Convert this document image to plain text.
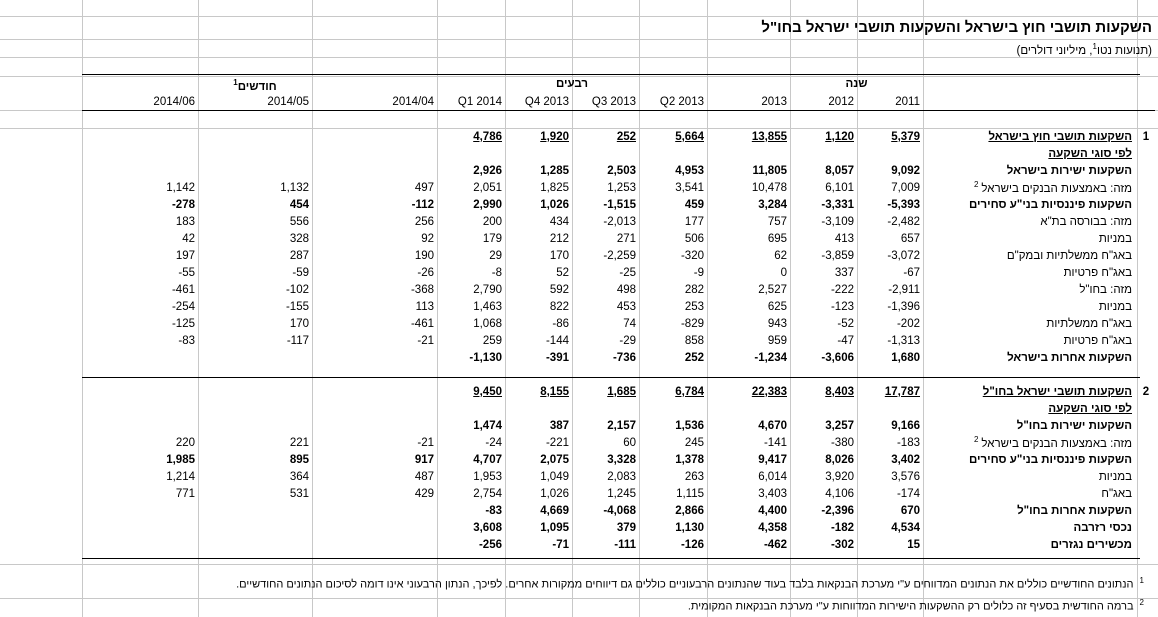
השקעות תושבי חוץ בישראל והשקעות תושבי ישראל בחו"ל
(תנועות נטו$^1$, מיליוני דולרים)
חודשים$^1$	רבעים	שנה
2014/06	2014/05	2014/04	Q1 2014	Q4 2013	Q3 2013	Q2 2013	2013	2012	2011		

			4,786	1,920	252	5,664	13,855	1,120	5,379	השקעות תושבי חוץ בישראל	1
										לפי סוגי השקעה	
			2,926	1,285	2,503	4,953	11,805	8,057	9,092	השקעות ישירות בישראל	
1,142	1,132	497	2,051	1,825	1,253	3,541	10,478	6,101	7,009	מזה: באמצעות הבנקים בישראל$^2$	
-278	454	-112	2,990	1,026	-1,515	459	3,284	-3,331	-5,393	השקעות פיננסיות בני"ע סחירים	
183	556	256	200	434	-2,013	177	757	-3,109	-2,482	מזה: בבורסה בת"א	
42	328	92	179	212	271	506	695	413	657	במניות	
197	287	190	29	170	-2,259	-320	62	-3,859	-3,072	באג"ח ממשלתיות ובמק"ם	
-55	-59	-26	-8	52	-25	-9	0	337	-67	באג"ח פרטיות	
-461	-102	-368	2,790	592	498	282	2,527	-222	-2,911	מזה: בחו"ל	
-254	-155	113	1,463	822	453	253	625	-123	-1,396	במניות	
-125	170	-461	1,068	-86	74	-829	943	-52	-202	באג"ח ממשלתיות	
-83	-117	-21	259	-144	-29	858	959	-47	-1,313	באג"ח פרטיות	
			-1,130	-391	-736	252	-1,234	-3,606	1,680	השקעות אחרות בישראל	

			9,450	8,155	1,685	6,784	22,383	8,403	17,787	השקעות תושבי ישראל בחו"ל	2
										לפי סוגי השקעה	
			1,474	387	2,157	1,536	4,670	3,257	9,166	השקעות ישירות בחו"ל	
220	221	-21	-24	-221	60	245	-141	-380	-183	מזה: באמצעות הבנקים בישראל$^2$	
1,985	895	917	4,707	2,075	3,328	1,378	9,417	8,026	3,402	השקעות פיננסיות בני"ע סחירים	
1,214	364	487	1,953	1,049	2,083	263	6,014	3,920	3,576	במניות	
771	531	429	2,754	1,026	1,245	1,115	3,403	4,106	-174	באג"ח	
			-83	4,669	-4,068	2,866	4,400	-2,396	670	השקעות אחרות בחו"ל	
			3,608	1,095	379	1,130	4,358	-182	4,534	נכסי רזרבה	
			-256	-71	-111	-126	-462	-302	15	מכשירים נגזרים	
$^1$הנתונים החודשיים כוללים את הנתונים המדווחים ע"י מערכת הבנקאות בלבד בעוד שהנתונים הרבעוניים כוללים גם דיווחים ממקורות אחרים. לפיכך, הנתון הרבעוני אינו דומה לסיכום הנתונים החודשיים.
$^2$ברמה החודשית בסעיף זה כלולים רק ההשקעות הישירות המדווחות ע"י מערכת הבנקאות המקומית.
